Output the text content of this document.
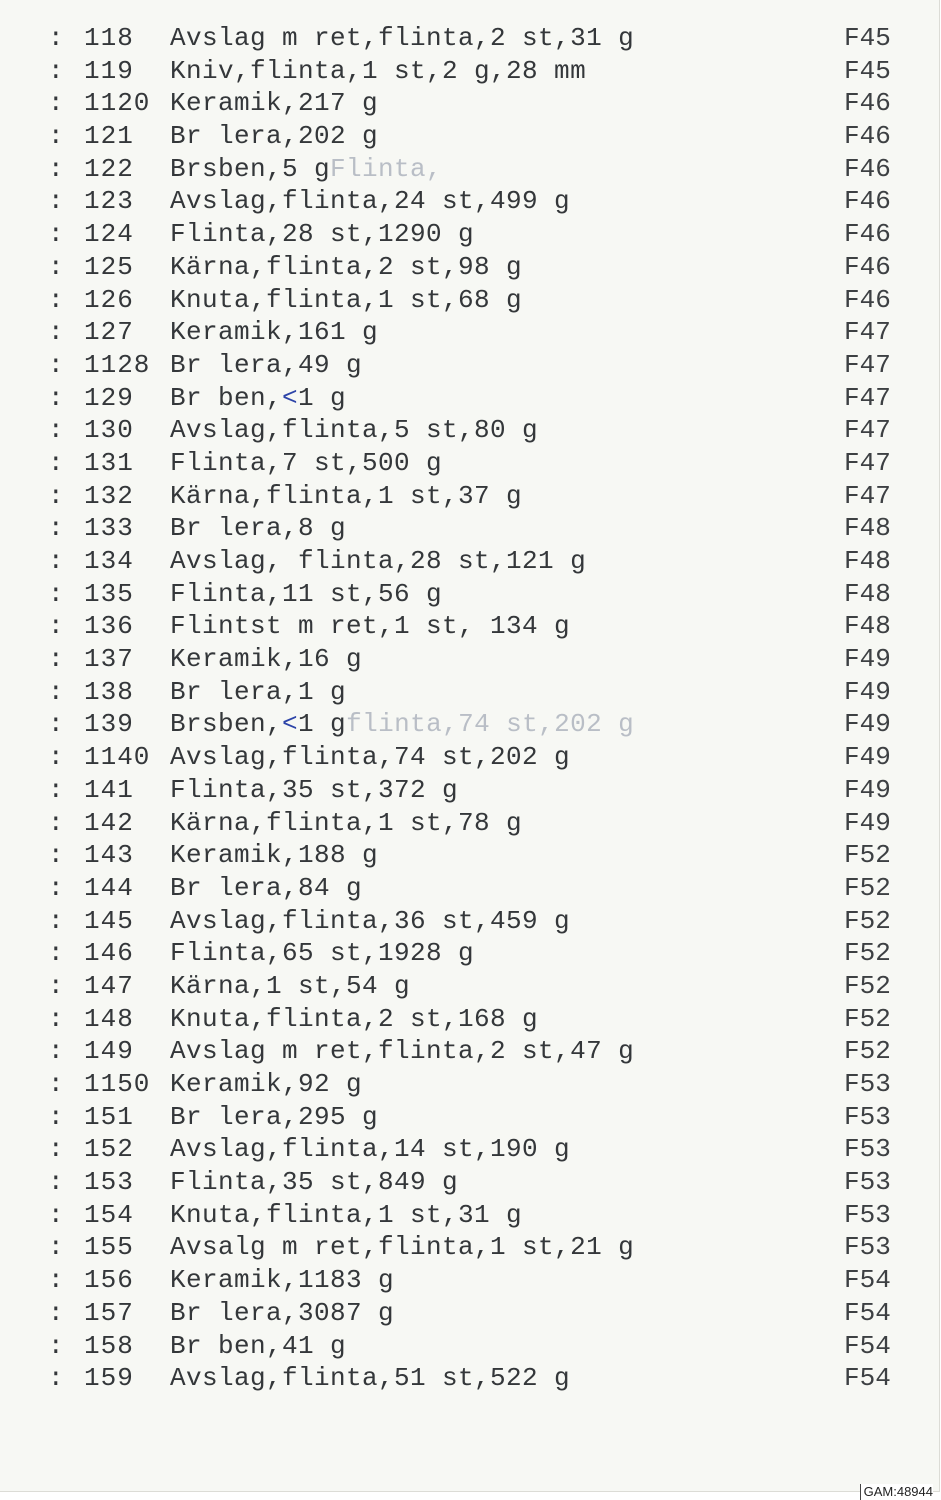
: 118 Avslag m ret,flinta,2 st,31 g	F45
: 119 Kniv,flinta,1 st,2 g,28 mm	F45
: 1120 Keramik,217 g	F46
: 121 Br lera,202 g	F46
: 122 Brsben,5 gFlinta,	F46
: 123 Avslag,flinta,24 st,499 g	F46
: 124 Flinta,28 st,1290 g	F46
: 125 Kärna,flinta,2 st,98 g	F46
: 126 Knuta,flinta,1 st,68 g	F46
: 127 Keramik,161 g	F47
: 1128 Br lera,49 g	F47
: 129 Br ben,<1 g	F47
: 130 Avslag,flinta,5 st,80 g	F47
: 131 Flinta,7 st,500 g	F47
: 132 Kärna,flinta,1 st,37 g	F47
: 133 Br lera,8 g	F48
: 134 Avslag, flinta,28 st,121 g	F48
: 135 Flinta,11 st,56 g	F48
: 136 Flintst m ret,1 st, 134 g	F48
: 137 Keramik,16 g	F49
: 138 Br lera,1 g	F49
: 139 Brsben,<1 gflinta,74 st,202 g	F49
: 1140 Avslag,flinta,74 st,202 g	F49
: 141 Flinta,35 st,372 g	F49
: 142 Kärna,flinta,1 st,78 g	F49
: 143 Keramik,188 g	F52
: 144 Br lera,84 g	F52
: 145 Avslag,flinta,36 st,459 g	F52
: 146 Flinta,65 st,1928 g	F52
: 147 Kärna,1 st,54 g	F52
: 148 Knuta,flinta,2 st,168 g	F52
: 149 Avslag m ret,flinta,2 st,47 g	F52
: 1150 Keramik,92 g	F53
: 151 Br lera,295 g	F53
: 152 Avslag,flinta,14 st,190 g	F53
: 153 Flinta,35 st,849 g	F53
: 154 Knuta,flinta,1 st,31 g	F53
: 155 Avsalg m ret,flinta,1 st,21 g	F53
: 156 Keramik,1183 g	F54
: 157 Br lera,3087 g	F54
: 158 Br ben,41 g	F54
: 159 Avslag,flinta,51 st,522 g	F54
GAM:48944
